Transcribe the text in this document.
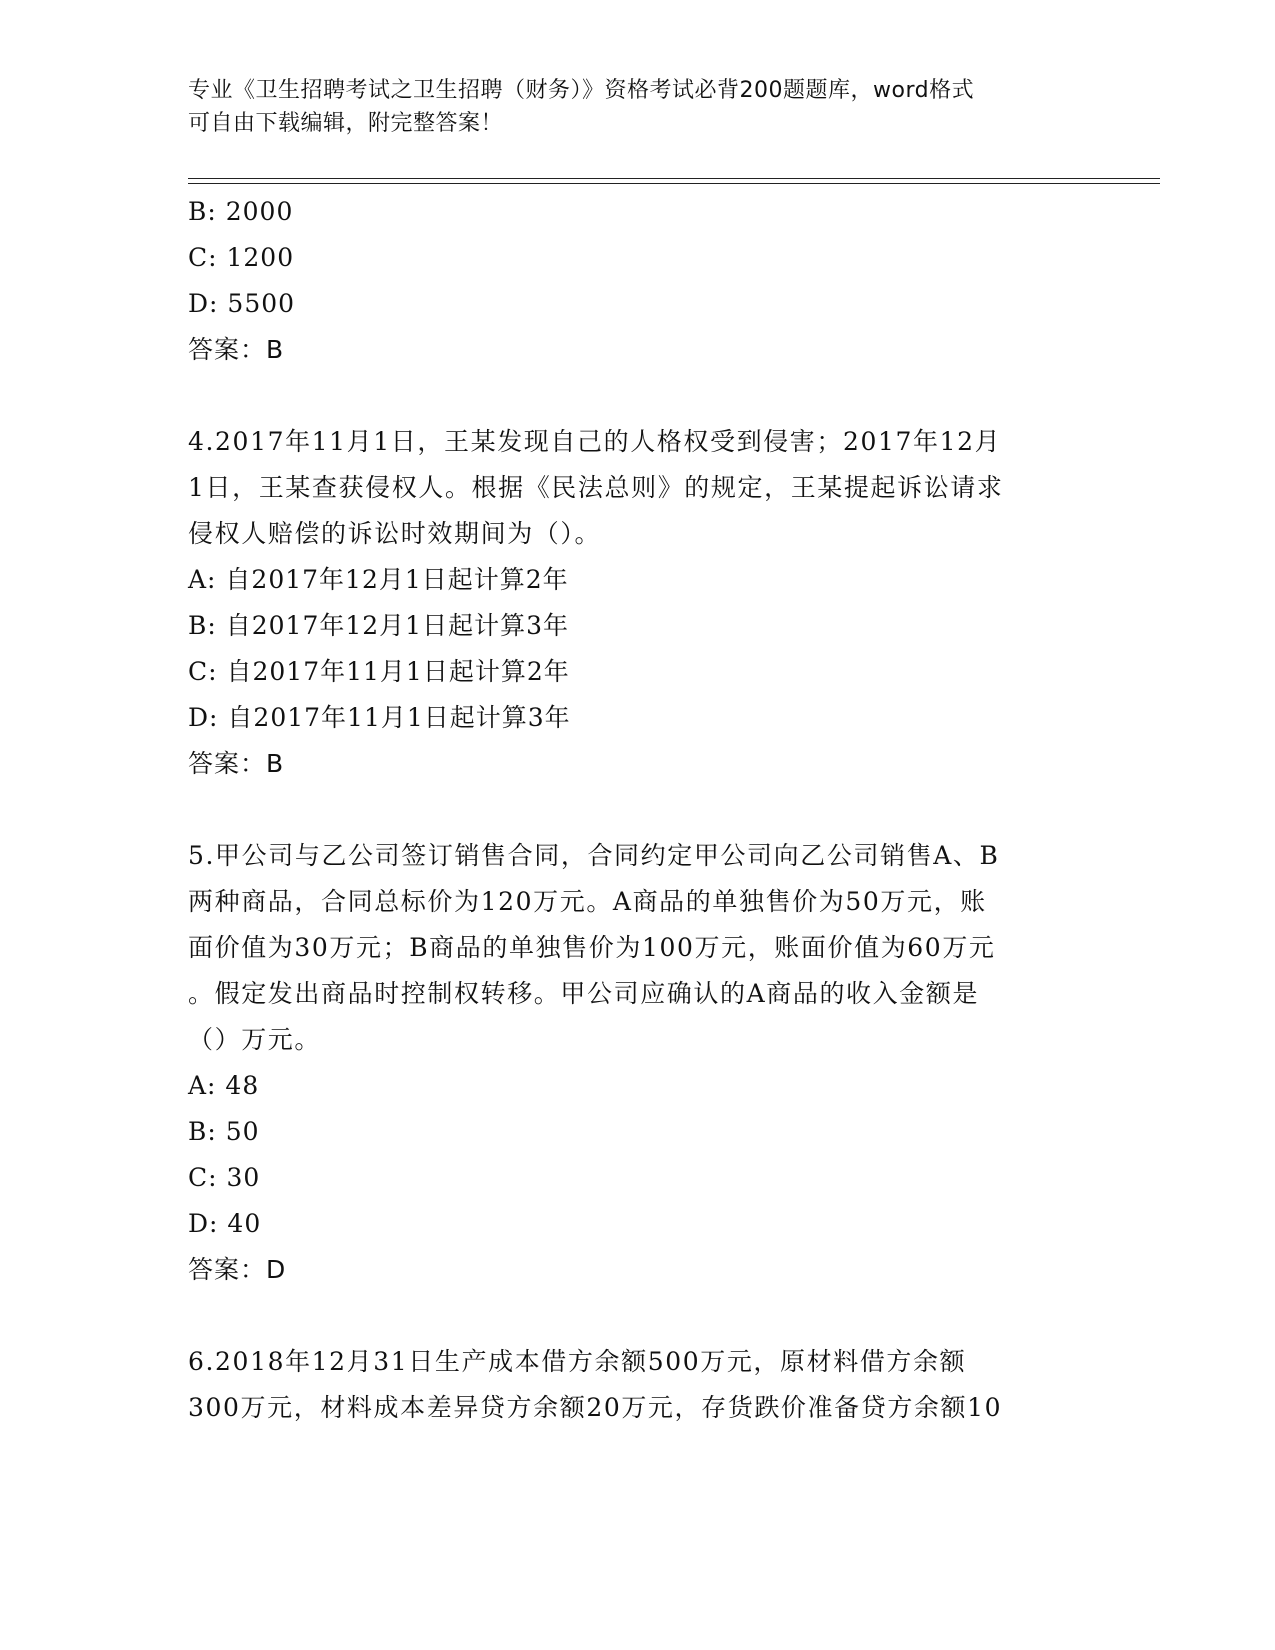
专业《卫生招聘考试之卫生招聘（财务）》资格考试必背200题题库，word格式
可自由下载编辑，附完整答案！
B: 2000
C: 1200
D: 5500
答案：B
4.2017年11月1日，王某发现自己的人格权受到侵害；2017年12月
1日，王某查获侵权人。根据《民法总则》的规定，王某提起诉讼请求
侵权人赔偿的诉讼时效期间为（）。
A: 自2017年12月1日起计算2年
B: 自2017年12月1日起计算3年
C: 自2017年11月1日起计算2年
D: 自2017年11月1日起计算3年
答案：B
5.甲公司与乙公司签订销售合同，合同约定甲公司向乙公司销售A、B
两种商品，合同总标价为120万元。A商品的单独售价为50万元，账
面价值为30万元；B商品的单独售价为100万元，账面价值为60万元
。假定发出商品时控制权转移。甲公司应确认的A商品的收入金额是
（）万元。
A: 48
B: 50
C: 30
D: 40
答案：D
6.2018年12月31日生产成本借方余额500万元，原材料借方余额
300万元，材料成本差异贷方余额20万元，存货跌价准备贷方余额10
